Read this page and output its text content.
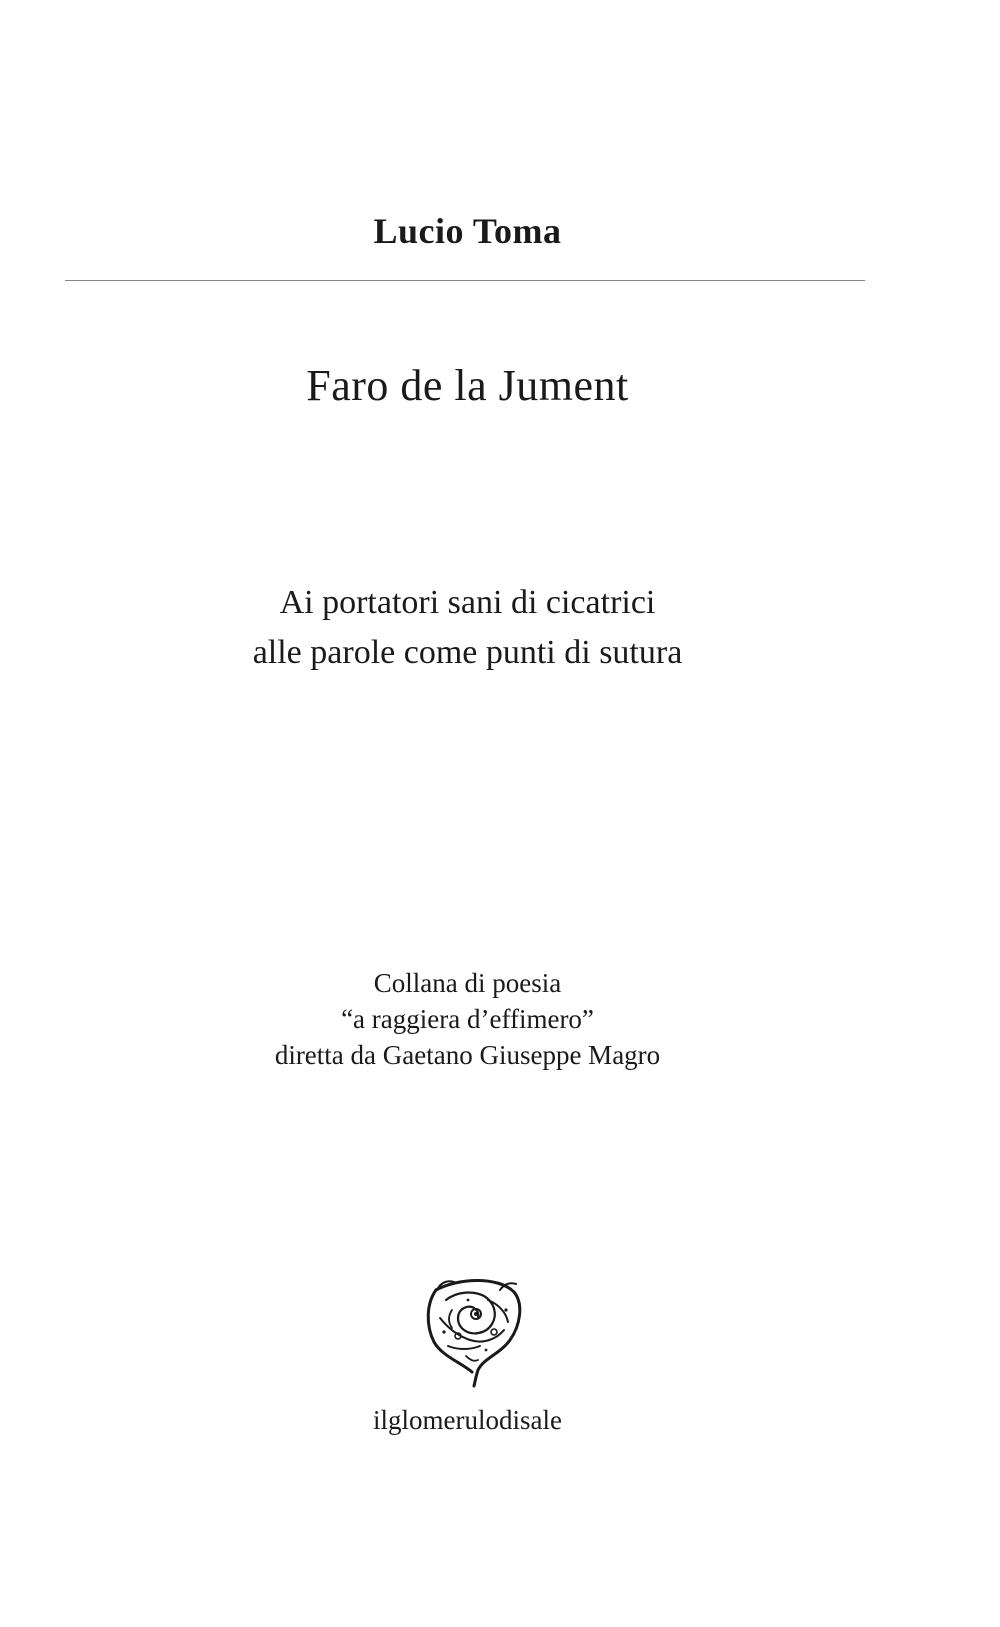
Lucio Toma
Faro de la Jument
Ai portatori sani di cicatrici
alle parole come punti di sutura
Collana di poesia
“a raggiera d’effimero”
diretta da Gaetano Giuseppe Magro
ilglomerulodisale
